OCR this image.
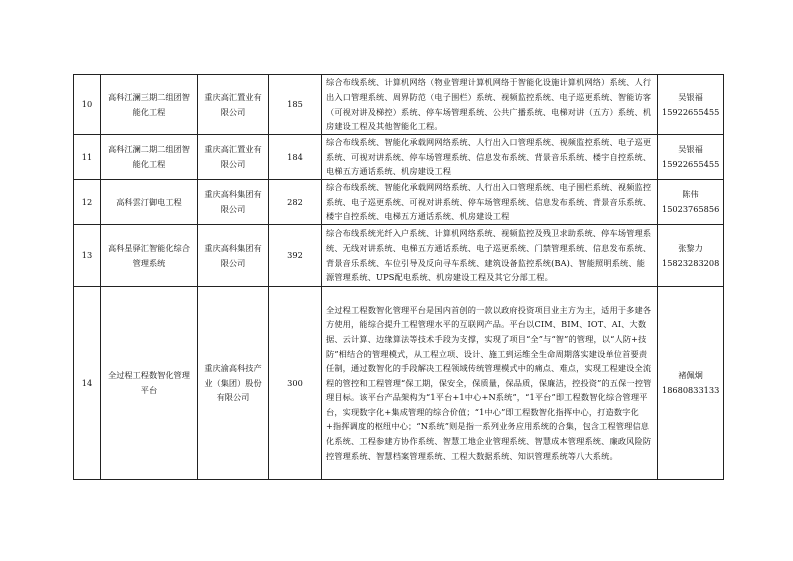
10	高科江澜三期二组团智能化工程	重庆高汇置业有限公司	185	综合布线系统、计算机网络（物业管理计算机网络于智能化设施计算机网络）系统、人行出入口管理系统、周界防范（电子围栏）系统、视频监控系统、电子巡更系统、智能访客（可视对讲及梯控）系统、停车场管理系统、公共广播系统、电梯对讲（五方）系统、机房建设工程及其他智能化工程。	吴银福
15922655455

11	高科江澜二期二组团智能化工程	重庆高汇置业有限公司	184	综合布线系统、智能化承载网网络系统、人行出入口管理系统、视频监控系统、电子巡更系统、可视对讲系统、停车场管理系统、信息发布系统、背景音乐系统、楼宇自控系统、电梯五方通话系统、机房建设工程	吴银福
15922655455

12	高科雲汀御电工程	重庆高科集团有限公司	282	综合布线系统、智能化承载网网络系统、人行出入口管理系统、电子围栏系统、视频监控系统、电子巡更系统、可视对讲系统、停车场管理系统、信息发布系统、背景音乐系统、楼宇自控系统、电梯五方通话系统、机房建设工程	陈伟
15023765856

13	高科星驿汇智能化综合管理系统	重庆高科集团有限公司	392	综合布线系统光纤入户系统、计算机网络系统、视频监控及残卫求助系统、停车场管理系统、无线对讲系统、电梯五方通话系统、电子巡更系统、门禁管理系统、信息发布系统、背景音乐系统、车位引导及反向寻车系统、建筑设备监控系统(BA)、智能照明系统、能源管理系统、UPS配电系统、机房建设工程及其它分部工程。	张黎力
15823283208

14	全过程工程数智化管理平台	重庆渝高科技产业（集团）股份有限公司	300	全过程工程数智化管理平台是国内首创的一款以政府投资项目业主方为主，适用于多建各方使用，能综合提升工程管理水平的互联网产品。平台以CIM、BIM、IOT、AI、大数据、云计算、边缘算法等技术手段为支撑，实现了项目“全”与“智”的管理，以“人防+技防”相结合的管理模式，从工程立项、设计、施工到运维全生命周期落实建设单位首要责任制，通过数智化的手段解决工程领域传统管理模式中的痛点、难点，实现工程建设全流程的管控和工程管理“保工期，保安全，保质量，保品质，保廉洁，控投资”的五保一控管理目标。该平台产品架构为“1平台+1中心+N系统”，“1平台”即工程数智化综合管理平台，实现数字化+集成管理的综合价值；“1中心”即工程数智化指挥中心，打造数字化+指挥调度的枢纽中心；“N系统”则是指一系列业务应用系统的合集，包含工程管理信息化系统、工程参建方协作系统、智慧工地企业管理系统、智慧成本管理系统、廉政风险防控管理系统、智慧档案管理系统、工程大数据系统、知识管理系统等八大系统。	褚佩炯
18680833133
